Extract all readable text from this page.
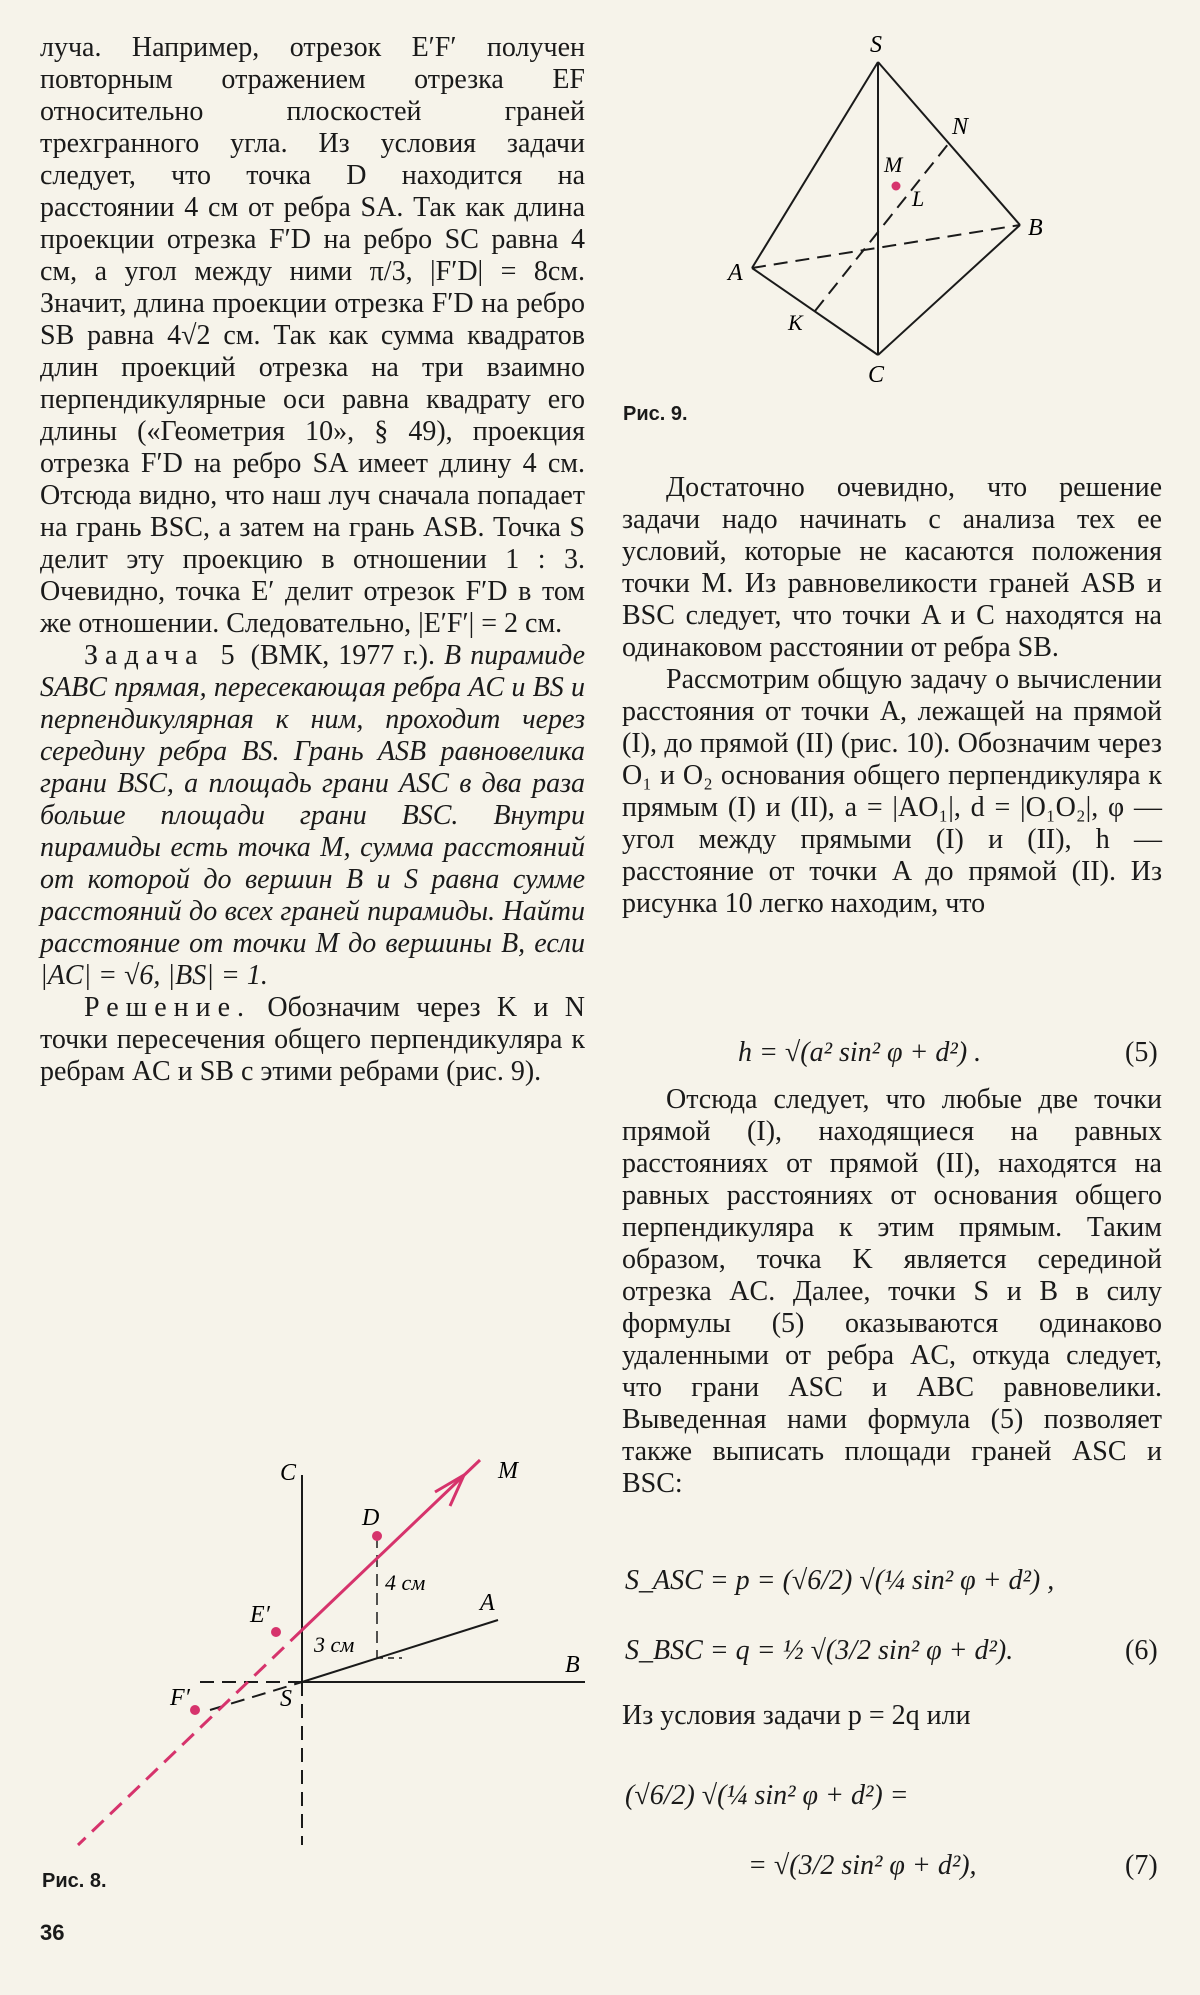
луча. Например, отрезок E′F′ получен повторным отражением отрезка EF относительно плоскостей граней трехгранного угла. Из условия задачи следует, что точка D находится на расстоянии 4 см от ребра SA. Так как длина проекции отрезка F′D на ребро SC равна 4 см, а угол между ними π/3, |F′D| = 8см. Значит, длина проекции отрезка F′D на ребро SB равна 4√2 см. Так как сумма квадратов длин проекций отрезка на три взаимно перпендикулярные оси равна квадрату его длины («Геометрия 10», § 49), проекция отрезка F′D на ребро SA имеет длину 4 см. Отсюда видно, что наш луч сначала попадает на грань BSC, а затем на грань ASB. Точка S делит эту проекцию в отношении 1 : 3. Очевидно, точка E′ делит отрезок F′D в том же отношении. Следовательно, |E′F′| = 2 см.

Задача 5 (ВМК, 1977 г.). В пирамиде SABC прямая, пересекающая ребра AC и BS и перпендикулярная к ним, проходит через середину ребра BS. Грань ASB равновелика грани BSC, а площадь грани ASC в два раза больше площади грани BSC. Внутри пирамиды есть точка M, сумма расстояний от которой до вершин B и S равна сумме расстояний до всех граней пирамиды. Найти расстояние от точки M до вершины B, если |AC| = √6, |BS| = 1.

Решение. Обозначим через K и N точки пересечения общего перпендикуляра к ребрам AC и SB с этими ребрами (рис. 9).

C	M
D
4 см
A
E′
3 см
F′	S
B
Рис. 8.
36
S
N
M
L
B
A
K
C
Рис. 9.

Достаточно очевидно, что решение задачи надо начинать с анализа тех ее условий, которые не касаются положения точки M. Из равновеликости граней ASB и BSC следует, что точки A и C находятся на одинаковом расстоянии от ребра SB.

Рассмотрим общую задачу о вычислении расстояния от точки A, лежащей на прямой (I), до прямой (II) (рис. 10). Обозначим через O₁ и O₂ основания общего перпендикуляра к прямым (I) и (II), a = |AO₁|, d = |O₁O₂|, φ — угол между прямыми (I) и (II), h — расстояние от точки A до прямой (II). Из рисунка 10 легко находим, что

h = √(a² sin² φ + d²) .	(5)

Отсюда следует, что любые две точки прямой (I), находящиеся на равных расстояниях от прямой (II), находятся на равных расстояниях от основания общего перпендикуляра к этим прямым. Таким образом, точка K является серединой отрезка AC. Далее, точки S и B в силу формулы (5) оказываются одинаково удаленными от ребра AC, откуда следует, что грани ASC и ABC равновелики. Выведенная нами формула (5) позволяет также выписать площади граней ASC и BSC:

S_ASC = p = (√6/2) √(¼ sin² φ + d²) ,
S_BSC = q = ½ √(3/2 sin² φ + d²).	(6)

Из условия задачи p = 2q или

(√6/2) √(¼ sin² φ + d²) =
= √(3/2 sin² φ + d²),	(7)
